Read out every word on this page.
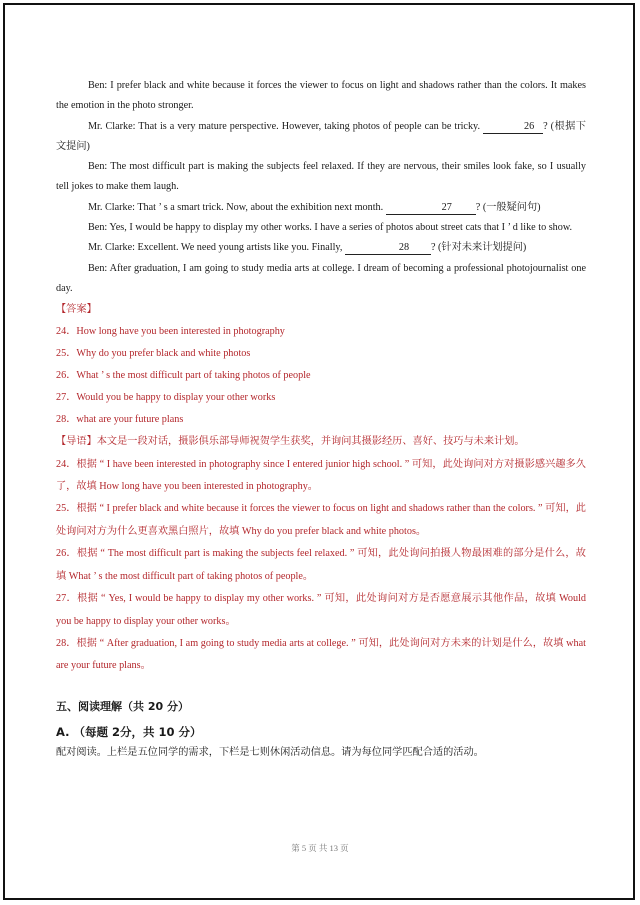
Ben: I prefer black and white because it forces the viewer to focus on light and shadows rather than the colors. It makes the emotion in the photo stronger.

Mr. Clarke: That is a very mature perspective. However, taking photos of people can be tricky.	26 ? (根据下文提问)

Ben: The most difficult part is making the subjects feel relaxed. If they are nervous, their smiles look fake, so I usually tell jokes to make them laugh.

Mr. Clarke: That ’ s a smart trick. Now, about the exhibition next month.	27 ? (一般疑问句)

Ben: Yes, I would be happy to display my other works. I have a series of photos about street cats that I ’ d like to show.

Mr. Clarke: Excellent. We need young artists like you. Finally,	28 ? (针对未来计划提问)

Ben: After graduation, I am going to study media arts at college. I dream of becoming a professional photojournalist one day.

【答案】

24．How long have you been interested in photography

25．Why do you prefer black and white photos

26．What ’ s the most difficult part of taking photos of people

27．Would you be happy to display your other works

28．what are your future plans

【导语】本文是一段对话，摄影俱乐部导师祝贺学生获奖，并询问其摄影经历、喜好、技巧与未来计划。

24．根据 “ I have been interested in photography since I entered junior high school. ” 可知，此处询问对方对摄影感兴趣多久了，故填 How long have you been interested in photography。

25．根据 “ I prefer black and white because it forces the viewer to focus on light and shadows rather than the colors. ” 可知，此处询问对方为什么更喜欢黑白照片，故填 Why do you prefer black and white photos。

26．根据 “ The most difficult part is making the subjects feel relaxed. ” 可知，此处询问拍摄人物最困难的部分是什么，故填 What ’ s the most difficult part of taking photos of people。

27．根据 “ Yes, I would be happy to display my other works. ” 可知，此处询问对方是否愿意展示其他作品，故填 Would you be happy to display your other works。

28．根据 “ After graduation, I am going to study media arts at college. ” 可知，此处询问对方未来的计划是什么，故填 what are your future plans。

五、阅读理解（共 20 分）

A. （每题 2分，共 10 分）

配对阅读。上栏是五位同学的需求，下栏是七则休闲活动信息。请为每位同学匹配合适的活动。

第 5 页 共 13 页
